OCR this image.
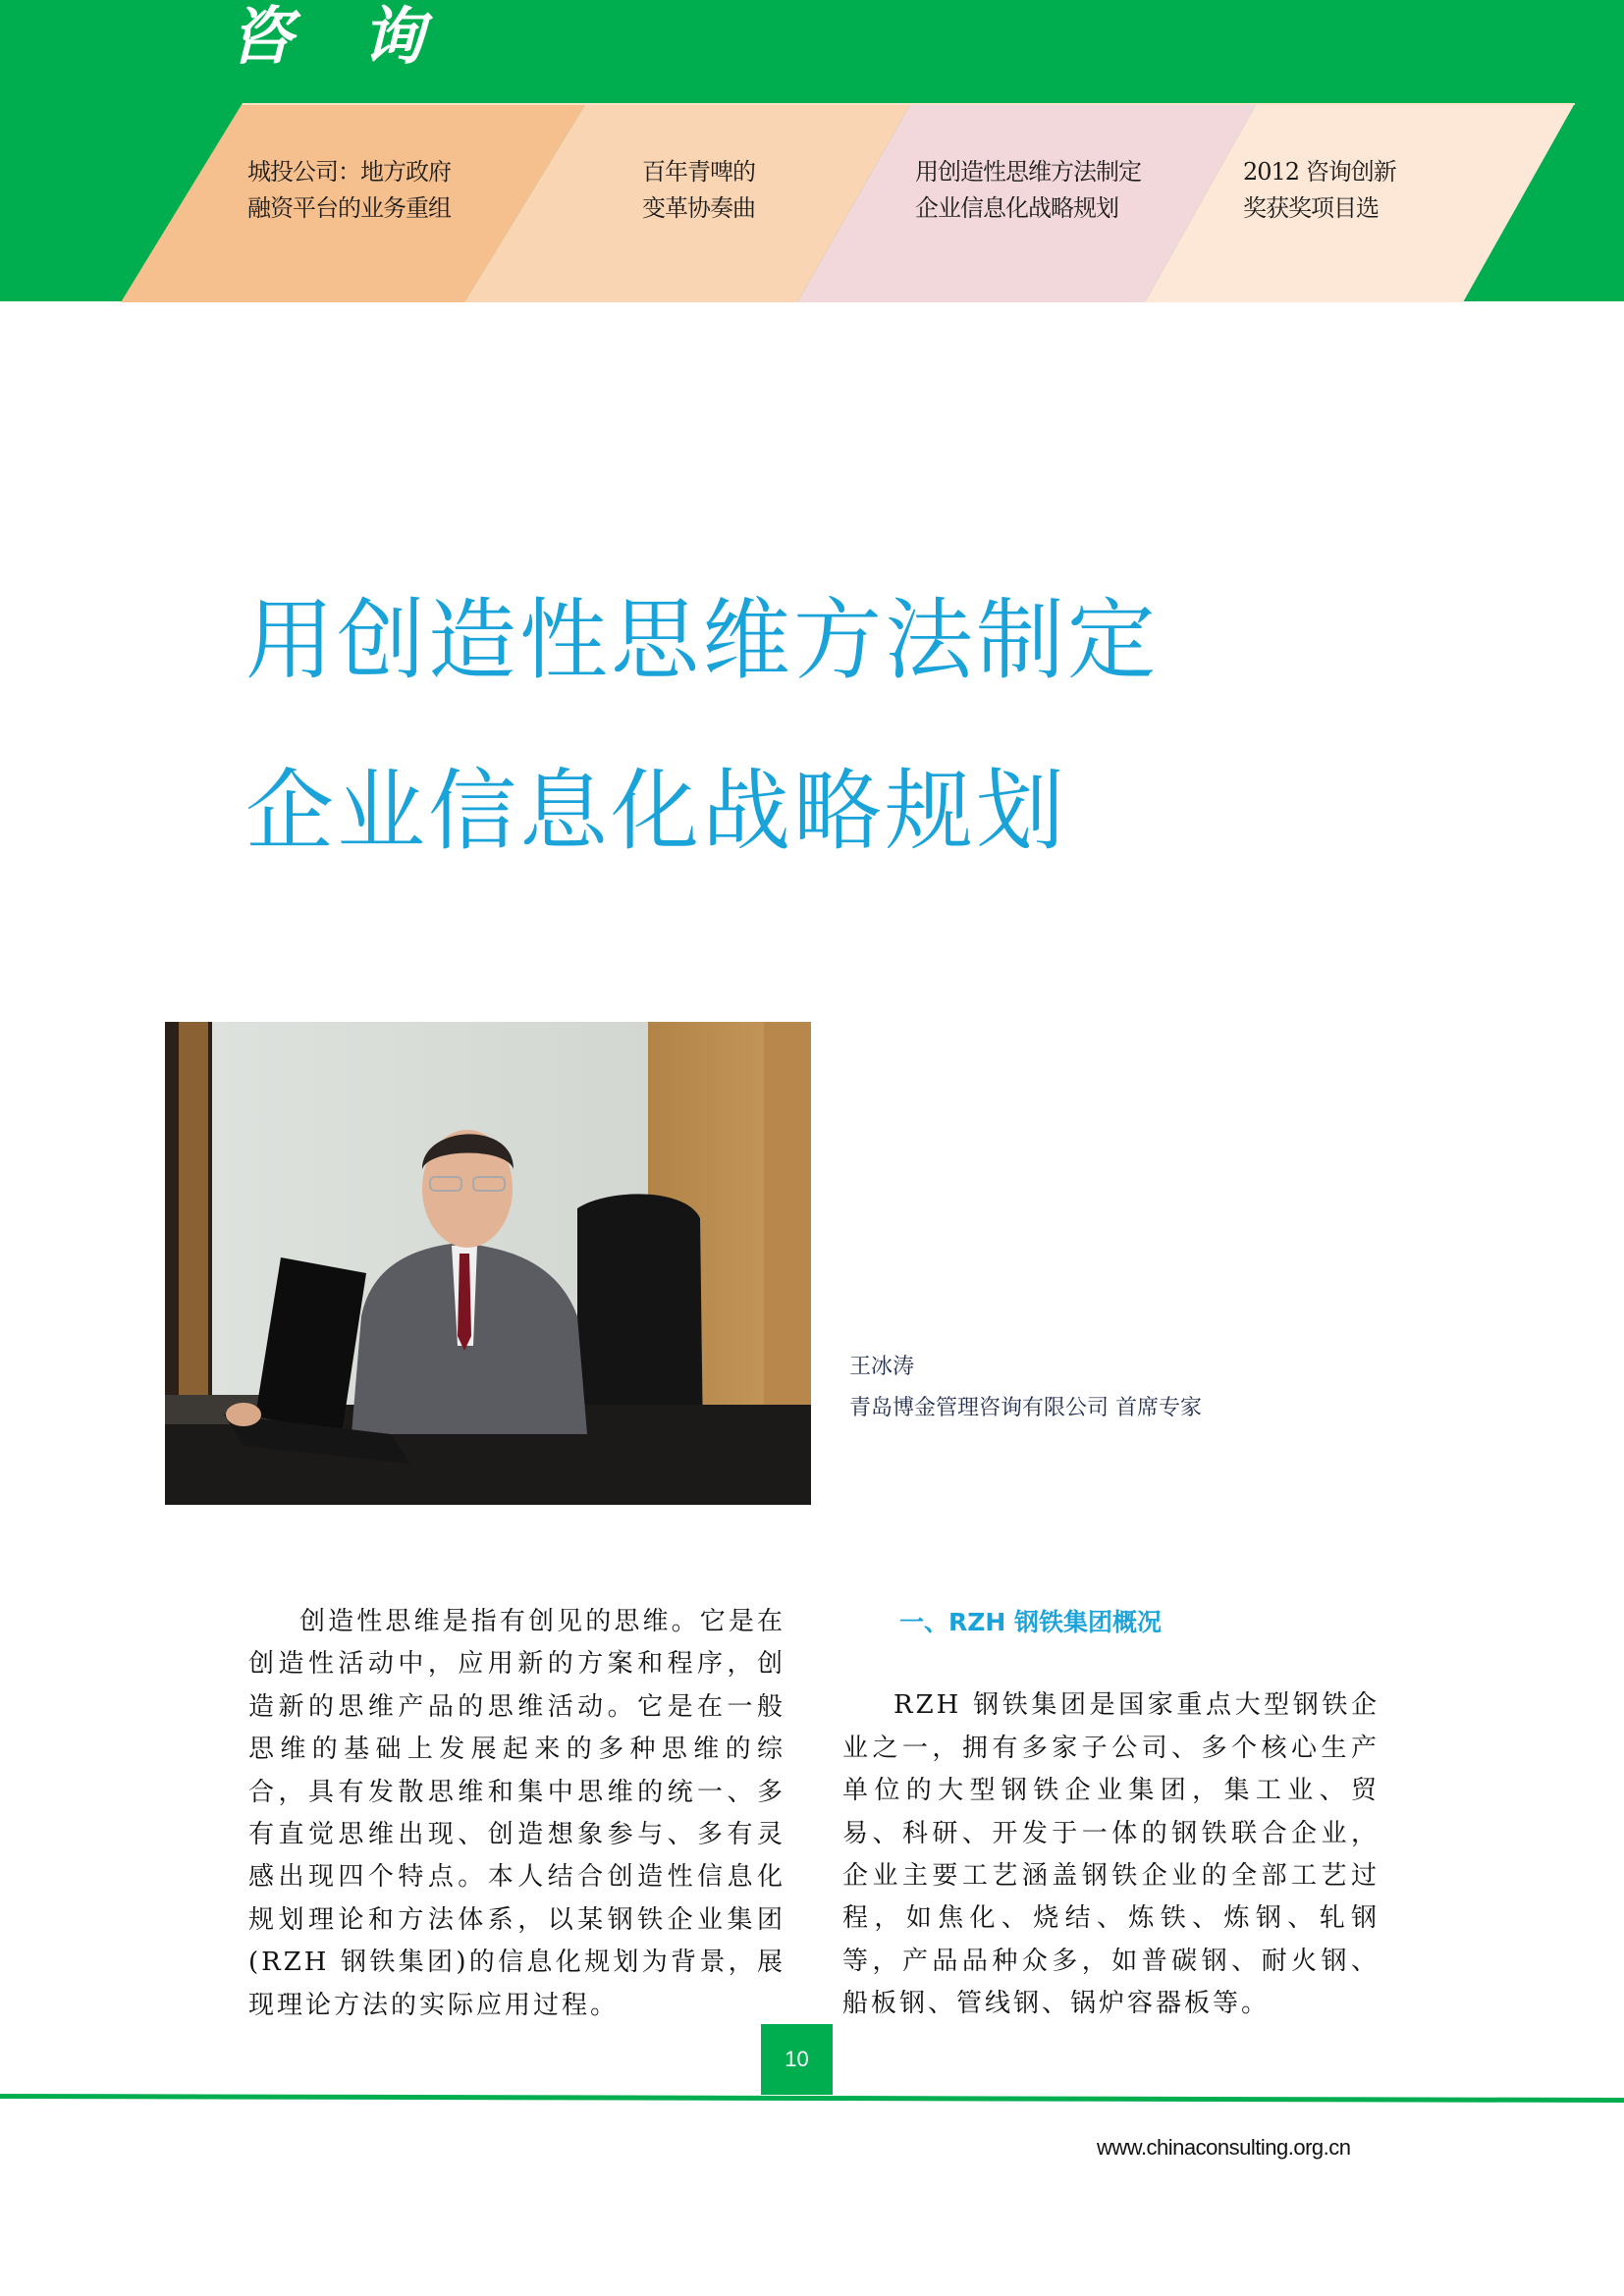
咨询
城投公司：地方政府
融资平台的业务重组
百年青啤的
变革协奏曲
用创造性思维方法制定
企业信息化战略规划
2012 咨询创新
奖获奖项目选
用创造性思维方法制定
企业信息化战略规划
王冰涛
青岛博金管理咨询有限公司 首席专家

创造性思维是指有创见的思维。它是在创造性活动中，应用新的方案和程序，创造新的思维产品的思维活动。它是在一般思维的基础上发展起来的多种思维的综合，具有发散思维和集中思维的统一、多有直觉思维出现、创造想象参与、多有灵感出现四个特点。本人结合创造性信息化规划理论和方法体系，以某钢铁企业集团(RZH 钢铁集团)的信息化规划为背景，展现理论方法的实际应用过程。

一、RZH 钢铁集团概况

RZH 钢铁集团是国家重点大型钢铁企业之一，拥有多家子公司、多个核心生产单位的大型钢铁企业集团，集工业、贸易、科研、开发于一体的钢铁联合企业，企业主要工艺涵盖钢铁企业的全部工艺过程，如焦化、烧结、炼铁、炼钢、轧钢等，产品品种众多，如普碳钢、耐火钢、船板钢、管线钢、锅炉容器板等。

10
www.chinaconsulting.org.cn
